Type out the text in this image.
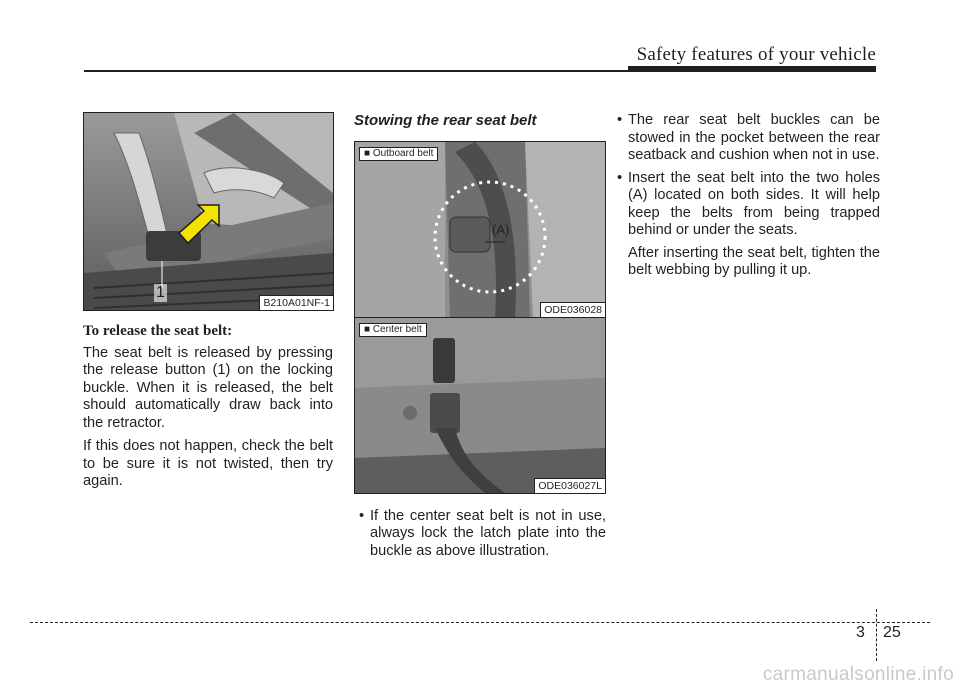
Safety features of your vehicle
1
B210A01NF-1
To release the seat belt:

The seat belt is released by pressing the release button (1) on the locking buckle. When it is released, the belt should automatically draw back into the retractor.

If this does not happen, check the belt to be sure it is not twisted, then try again.

Stowing the rear seat belt
■ Outboard belt
(A)
ODE036028
■ Center belt
ODE036027L
• If the center seat belt is not in use, always lock the latch plate into the buckle as above illustration.
• The rear seat belt buckles can be stowed in the pocket between the rear seatback and cushion when not in use.
• Insert the seat belt into the two holes (A) located on both sides. It will help keep the belts from being trapped behind or under the seats.

After inserting the seat belt, tighten the belt webbing by pulling it up.

3 25
carmanualsonline.info
